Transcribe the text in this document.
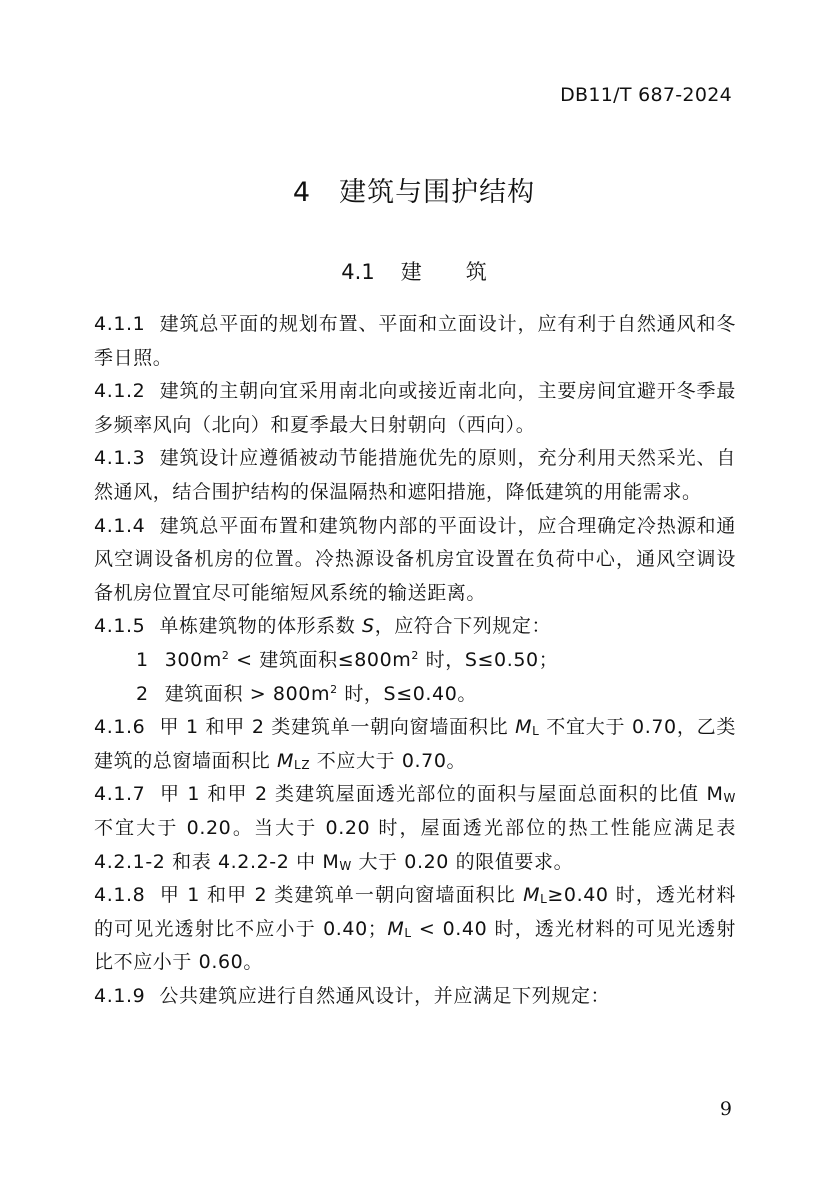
DB11/T 687-2024
4 建筑与围护结构
4.1 建筑

4.1.1 建筑总平面的规划布置、平面和立面设计，应有利于自然通风和冬季日照。

4.1.2 建筑的主朝向宜采用南北向或接近南北向，主要房间宜避开冬季最多频率风向（北向）和夏季最大日射朝向（西向）。

4.1.3 建筑设计应遵循被动节能措施优先的原则，充分利用天然采光、自然通风，结合围护结构的保温隔热和遮阳措施，降低建筑的用能需求。

4.1.4 建筑总平面布置和建筑物内部的平面设计，应合理确定冷热源和通风空调设备机房的位置。冷热源设备机房宜设置在负荷中心，通风空调设备机房位置宜尽可能缩短风系统的输送距离。

4.1.5 单栋建筑物的体形系数 S，应符合下列规定：

1 $300m^2$ < 建筑面积$\le 800m^2$ 时，S≤0.50；

2 建筑面积 > $800m^2$ 时，S≤0.40。

4.1.6 甲 1 和甲 2 类建筑单一朝向窗墙面积比 $M_L$ 不宜大于 0.70，乙类建筑的总窗墙面积比 $M_{LZ}$ 不应大于 0.70。

4.1.7 甲 1 和甲 2 类建筑屋面透光部位的面积与屋面总面积的比值 $M_W$ 不宜大于 0.20。当大于 0.20 时，屋面透光部位的热工性能应满足表 4.2.1-2 和表 4.2.2-2 中 $M_W$ 大于 0.20 的限值要求。

4.1.8 甲 1 和甲 2 类建筑单一朝向窗墙面积比 $M_L\ge 0.40$ 时，透光材料的可见光透射比不应小于 0.40；$M_L < 0.40$ 时，透光材料的可见光透射比不应小于 0.60。

4.1.9 公共建筑应进行自然通风设计，并应满足下列规定：

9
